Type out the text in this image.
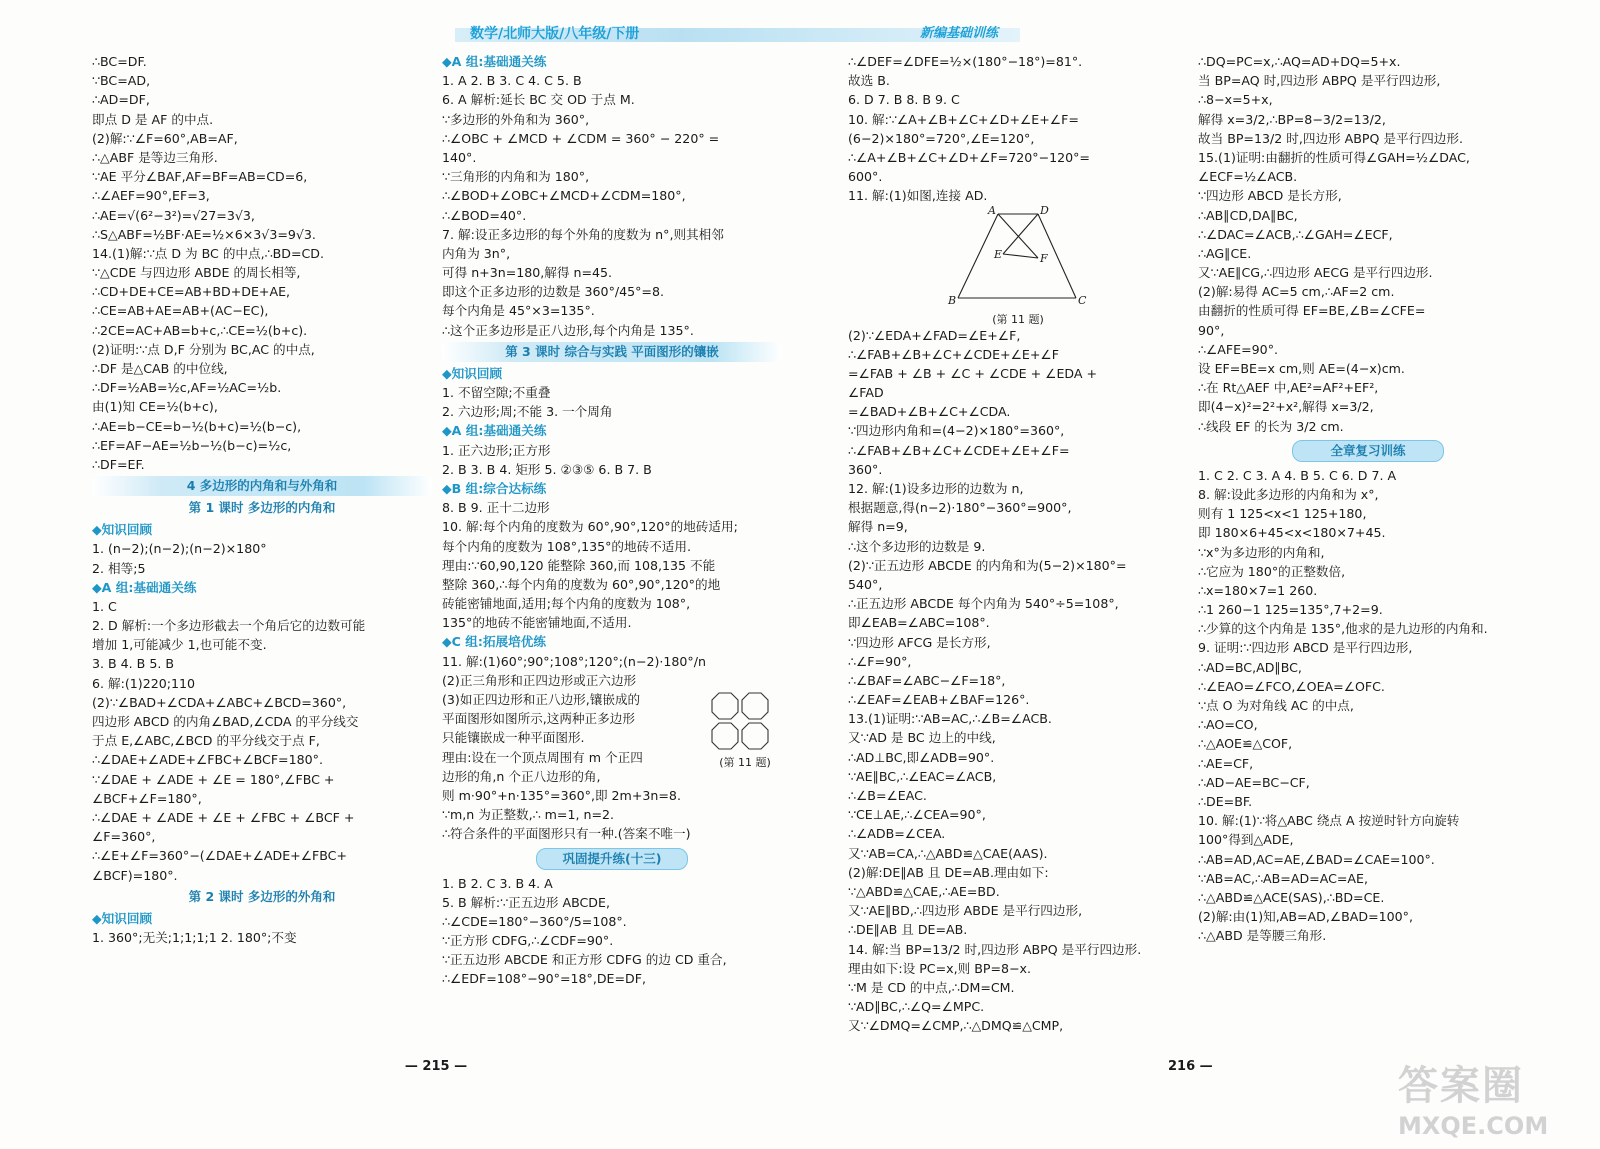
数学/北师大版/八年级/下册	新编基础训练
∴BC=DF.
∵BC=AD,
∴AD=DF,
即点 D 是 AF 的中点.
(2)解:∵∠F=60°,AB=AF,
∴△ABF 是等边三角形.
∵AE 平分∠BAF,AF=BF=AB=CD=6,
∴∠AEF=90°,EF=3,
∴AE=√(6²−3²)=√27=3√3,
∴S△ABF=½BF·AE=½×6×3√3=9√3.
14.(1)解:∵点 D 为 BC 的中点,∴BD=CD.
∵△CDE 与四边形 ABDE 的周长相等,
∴CD+DE+CE=AB+BD+DE+AE,
∴CE=AB+AE=AB+(AC−EC),
∴2CE=AC+AB=b+c,∴CE=½(b+c).
(2)证明:∵点 D,F 分别为 BC,AC 的中点,
∴DF 是△CAB 的中位线,
∴DF=½AB=½c,AF=½AC=½b.
由(1)知 CE=½(b+c),
∴AE=b−CE=b−½(b+c)=½(b−c),
∴EF=AF−AE=½b−½(b−c)=½c,
∴DF=EF.
4 多边形的内角和与外角和
第 1 课时 多边形的内角和
◆知识回顾
1. (n−2);(n−2);(n−2)×180°
2. 相等;5
◆A 组:基础通关练
1. C
2. D 解析:一个多边形截去一个角后它的边数可能
增加 1,可能减少 1,也可能不变.
3. B 4. B 5. B
6. 解:(1)220;110
(2)∵∠BAD+∠CDA+∠ABC+∠BCD=360°,
四边形 ABCD 的内角∠BAD,∠CDA 的平分线交
于点 E,∠ABC,∠BCD 的平分线交于点 F,
∴∠DAE+∠ADE+∠FBC+∠BCF=180°.
∵∠DAE + ∠ADE + ∠E = 180°,∠FBC +
∠BCF+∠F=180°,
∴∠DAE + ∠ADE + ∠E + ∠FBC + ∠BCF +
∠F=360°,
∴∠E+∠F=360°−(∠DAE+∠ADE+∠FBC+
∠BCF)=180°.
第 2 课时 多边形的外角和
◆知识回顾
1. 360°;无关;1;1;1;1 2. 180°;不变
◆A 组:基础通关练
1. A 2. B 3. C 4. C 5. B
6. A 解析:延长 BC 交 OD 于点 M.
∵多边形的外角和为 360°,
∴∠OBC + ∠MCD + ∠CDM = 360° − 220° =
140°.
∵三角形的内角和为 180°,
∴∠BOD+∠OBC+∠MCD+∠CDM=180°,
∴∠BOD=40°.
7. 解:设正多边形的每个外角的度数为 n°,则其相邻
内角为 3n°,
可得 n+3n=180,解得 n=45.
即这个正多边形的边数是 360°/45°=8.
每个内角是 45°×3=135°.
∴这个正多边形是正八边形,每个内角是 135°.
第 3 课时 综合与实践 平面图形的镶嵌
◆知识回顾
1. 不留空隙;不重叠
2. 六边形;周;不能 3. 一个周角
◆A 组:基础通关练
1. 正六边形;正方形
2. B 3. B 4. 矩形 5. ②③⑤ 6. B 7. B
◆B 组:综合达标练
8. B 9. 正十二边形
10. 解:每个内角的度数为 60°,90°,120°的地砖适用;
每个内角的度数为 108°,135°的地砖不适用.
理由:∵60,90,120 能整除 360,而 108,135 不能
整除 360,∴每个内角的度数为 60°,90°,120°的地
砖能密铺地面,适用;每个内角的度数为 108°,
135°的地砖不能密铺地面,不适用.
◆C 组:拓展培优练
11. 解:(1)60°;90°;108°;120°;(n−2)·180°/n
(2)正三角形和正四边形或正六边形
(3)如正四边形和正八边形,镶嵌成的
平面图形如图所示,这两种正多边形
只能镶嵌成一种平面图形.
理由:设在一个顶点周围有 m 个正四
边形的角,n 个正八边形的角,
则 m·90°+n·135°=360°,即 2m+3n=8.
∵m,n 为正整数,∴ m=1, n=2.
∴符合条件的平面图形只有一种.(答案不唯一)
(第 11 题)
巩固提升练(十三)
1. B 2. C 3. B 4. A
5. B 解析:∵正五边形 ABCDE,
∴∠CDE=180°−360°/5=108°.
∵正方形 CDFG,∴∠CDF=90°.
∵正五边形 ABCDE 和正方形 CDFG 的边 CD 重合,
∴∠EDF=108°−90°=18°,DE=DF,
∴∠DEF=∠DFE=½×(180°−18°)=81°.
故选 B.
6. D 7. B 8. B 9. C
10. 解:∵∠A+∠B+∠C+∠D+∠E+∠F=
(6−2)×180°=720°,∠E=120°,
∴∠A+∠B+∠C+∠D+∠F=720°−120°=
600°.
11. 解:(1)如图,连接 AD.
A	D
E	F
B	C
(第 11 题)
(2)∵∠EDA+∠FAD=∠E+∠F,
∴∠FAB+∠B+∠C+∠CDE+∠E+∠F
=∠FAB + ∠B + ∠C + ∠CDE + ∠EDA +
∠FAD
=∠BAD+∠B+∠C+∠CDA.
∵四边形内角和=(4−2)×180°=360°,
∴∠FAB+∠B+∠C+∠CDE+∠E+∠F=
360°.
12. 解:(1)设多边形的边数为 n,
根据题意,得(n−2)·180°−360°=900°,
解得 n=9,
∴这个多边形的边数是 9.
(2)∵正五边形 ABCDE 的内角和为(5−2)×180°=
540°,
∴正五边形 ABCDE 每个内角为 540°÷5=108°,
即∠EAB=∠ABC=108°.
∵四边形 AFCG 是长方形,
∴∠F=90°,
∴∠BAF=∠ABC−∠F=18°,
∴∠EAF=∠EAB+∠BAF=126°.
13.(1)证明:∵AB=AC,∴∠B=∠ACB.
又∵AD 是 BC 边上的中线,
∴AD⊥BC,即∠ADB=90°.
∵AE∥BC,∴∠EAC=∠ACB,
∴∠B=∠EAC.
∵CE⊥AE,∴∠CEA=90°,
∴∠ADB=∠CEA.
又∵AB=CA,∴△ABD≌△CAE(AAS).
(2)解:DE∥AB 且 DE=AB.理由如下:
∵△ABD≌△CAE,∴AE=BD.
又∵AE∥BD,∴四边形 ABDE 是平行四边形,
∴DE∥AB 且 DE=AB.
14. 解:当 BP=13/2 时,四边形 ABPQ 是平行四边形.
理由如下:设 PC=x,则 BP=8−x.
∵M 是 CD 的中点,∴DM=CM.
∵AD∥BC,∴∠Q=∠MPC.
又∵∠DMQ=∠CMP,∴△DMQ≌△CMP,
∴DQ=PC=x,∴AQ=AD+DQ=5+x.
当 BP=AQ 时,四边形 ABPQ 是平行四边形,
∴8−x=5+x,
解得 x=3/2,∴BP=8−3/2=13/2,
故当 BP=13/2 时,四边形 ABPQ 是平行四边形.
15.(1)证明:由翻折的性质可得∠GAH=½∠DAC,
∠ECF=½∠ACB.
∵四边形 ABCD 是长方形,
∴AB∥CD,DA∥BC,
∴∠DAC=∠ACB,∴∠GAH=∠ECF,
∴AG∥CE.
又∵AE∥CG,∴四边形 AECG 是平行四边形.
(2)解:易得 AC=5 cm,∴AF=2 cm.
由翻折的性质可得 EF=BE,∠B=∠CFE=
90°,
∴∠AFE=90°.
设 EF=BE=x cm,则 AE=(4−x)cm.
∴在 Rt△AEF 中,AE²=AF²+EF²,
即(4−x)²=2²+x²,解得 x=3/2,
∴线段 EF 的长为 3/2 cm.
全章复习训练
1. C 2. C 3. A 4. B 5. C 6. D 7. A
8. 解:设此多边形的内角和为 x°,
则有 1 125<x<1 125+180,
即 180×6+45<x<180×7+45.
∵x°为多边形的内角和,
∴它应为 180°的正整数倍,
∴x=180×7=1 260.
∴1 260−1 125=135°,7+2=9.
∴少算的这个内角是 135°,他求的是九边形的内角和.
9. 证明:∵四边形 ABCD 是平行四边形,
∴AD=BC,AD∥BC,
∴∠EAO=∠FCO,∠OEA=∠OFC.
∵点 O 为对角线 AC 的中点,
∴AO=CO,
∴△AOE≌△COF,
∴AE=CF,
∴AD−AE=BC−CF,
∴DE=BF.
10. 解:(1)∵将△ABC 绕点 A 按逆时针方向旋转
100°得到△ADE,
∴AB=AD,AC=AE,∠BAD=∠CAE=100°.
∵AB=AC,∴AB=AD=AC=AE,
∴△ABD≌△ACE(SAS),∴BD=CE.
(2)解:由(1)知,AB=AD,∠BAD=100°,
∴△ABD 是等腰三角形.
— 215 —	216 —	答案圈
MXQE.COM
